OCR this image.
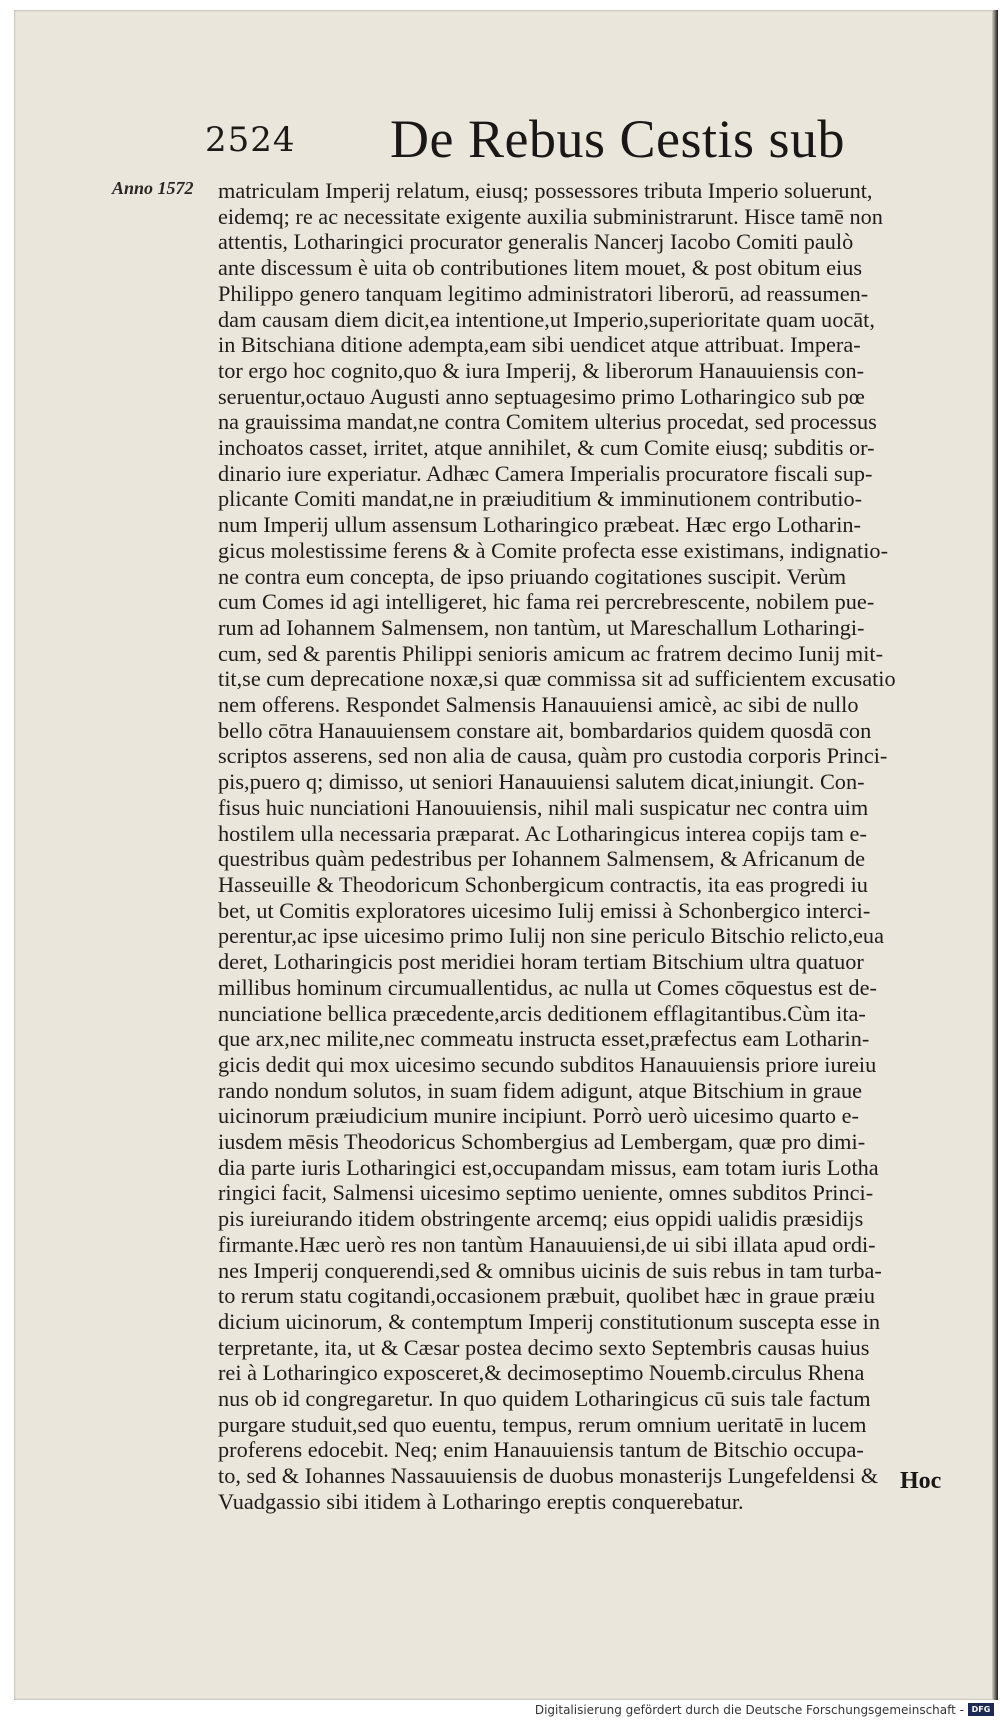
2524 De Rebus Cestis sub
Anno 1572 matriculam Imperij relatum, eiusq; possessores tributa Imperio soluerunt,
eidemq; re ac necessitate exigente auxilia subministrarunt. Hisce tamē non
attentis, Lotharingici procurator generalis Nancerj Iacobo Comiti paulò
ante discessum è uita ob contributiones litem mouet, & post obitum eius
Philippo genero tanquam legitimo administratori liberorū, ad reassumen-
dam causam diem dicit,ea intentione,ut Imperio,superioritate quam uocāt,
in Bitschiana ditione adempta,eam sibi uendicet atque attribuat. Impera-
tor ergo hoc cognito,quo & iura Imperij, & liberorum Hanauuiensis con-
seruentur,octauo Augusti anno septuagesimo primo Lotharingico sub pœ
na grauissima mandat,ne contra Comitem ulterius procedat, sed processus
inchoatos casset, irritet, atque annihilet, & cum Comite eiusq; subditis or-
dinario iure experiatur. Adhæc Camera Imperialis procuratore fiscali sup-
plicante Comiti mandat,ne in præiuditium & imminutionem contributio-
num Imperij ullum assensum Lotharingico præbeat. Hæc ergo Lotharin-
gicus molestissime ferens & à Comite profecta esse existimans, indignatio-
ne contra eum concepta, de ipso priuando cogitationes suscipit. Verùm
cum Comes id agi intelligeret, hic fama rei percrebrescente, nobilem pue-
rum ad Iohannem Salmensem, non tantùm, ut Mareschallum Lotharingi-
cum, sed & parentis Philippi senioris amicum ac fratrem decimo Iunij mit-
tit,se cum deprecatione noxæ,si quæ commissa sit ad sufficientem excusatio
nem offerens. Respondet Salmensis Hanauuiensi amicè, ac sibi de nullo
bello cōtra Hanauuiensem constare ait, bombardarios quidem quosdā con
scriptos asserens, sed non alia de causa, quàm pro custodia corporis Princi-
pis,puero q; dimisso, ut seniori Hanauuiensi salutem dicat,iniungit. Con-
fisus huic nunciationi Hanouuiensis, nihil mali suspicatur nec contra uim
hostilem ulla necessaria præparat. Ac Lotharingicus interea copijs tam e-
questribus quàm pedestribus per Iohannem Salmensem, & Africanum de
Hasseuille & Theodoricum Schonbergicum contractis, ita eas progredi iu
bet, ut Comitis exploratores uicesimo Iulij emissi à Schonbergico interci-
perentur,ac ipse uicesimo primo Iulij non sine periculo Bitschio relicto,eua
deret, Lotharingicis post meridiei horam tertiam Bitschium ultra quatuor
millibus hominum circumuallentidus, ac nulla ut Comes cōquestus est de-
nunciatione bellica præcedente,arcis deditionem efflagitantibus.Cùm ita-
que arx,nec milite,nec commeatu instructa esset,præfectus eam Lotharin-
gicis dedit qui mox uicesimo secundo subditos Hanauuiensis priore iureiu
rando nondum solutos, in suam fidem adigunt, atque Bitschium in graue
uicinorum præiudicium munire incipiunt. Porrò uerò uicesimo quarto e-
iusdem mēsis Theodoricus Schombergius ad Lembergam, quæ pro dimi-
dia parte iuris Lotharingici est,occupandam missus, eam totam iuris Lotha
ringici facit, Salmensi uicesimo septimo ueniente, omnes subditos Princi-
pis iureiurando itidem obstringente arcemq; eius oppidi ualidis præsidijs
firmante.Hæc uerò res non tantùm Hanauuiensi,de ui sibi illata apud ordi-
nes Imperij conquerendi,sed & omnibus uicinis de suis rebus in tam turba-
to rerum statu cogitandi,occasionem præbuit, quolibet hæc in graue præiu
dicium uicinorum, & contemptum Imperij constitutionum suscepta esse in
terpretante, ita, ut & Cæsar postea decimo sexto Septembris causas huius
rei à Lotharingico exposceret,& decimoseptimo Nouemb.circulus Rhena
nus ob id congregaretur. In quo quidem Lotharingicus cū suis tale factum
purgare studuit,sed quo euentu, tempus, rerum omnium ueritatē in lucem
proferens edocebit. Neq; enim Hanauuiensis tantum de Bitschio occupa-
to, sed & Iohannes Nassauuiensis de duobus monasterijs Lungefeldensi &
Vuadgassio sibi itidem à Lotharingo ereptis conquerebatur.
Hoc
Digitalisierung gefördert durch die Deutsche Forschungsgemeinschaft - DFG
